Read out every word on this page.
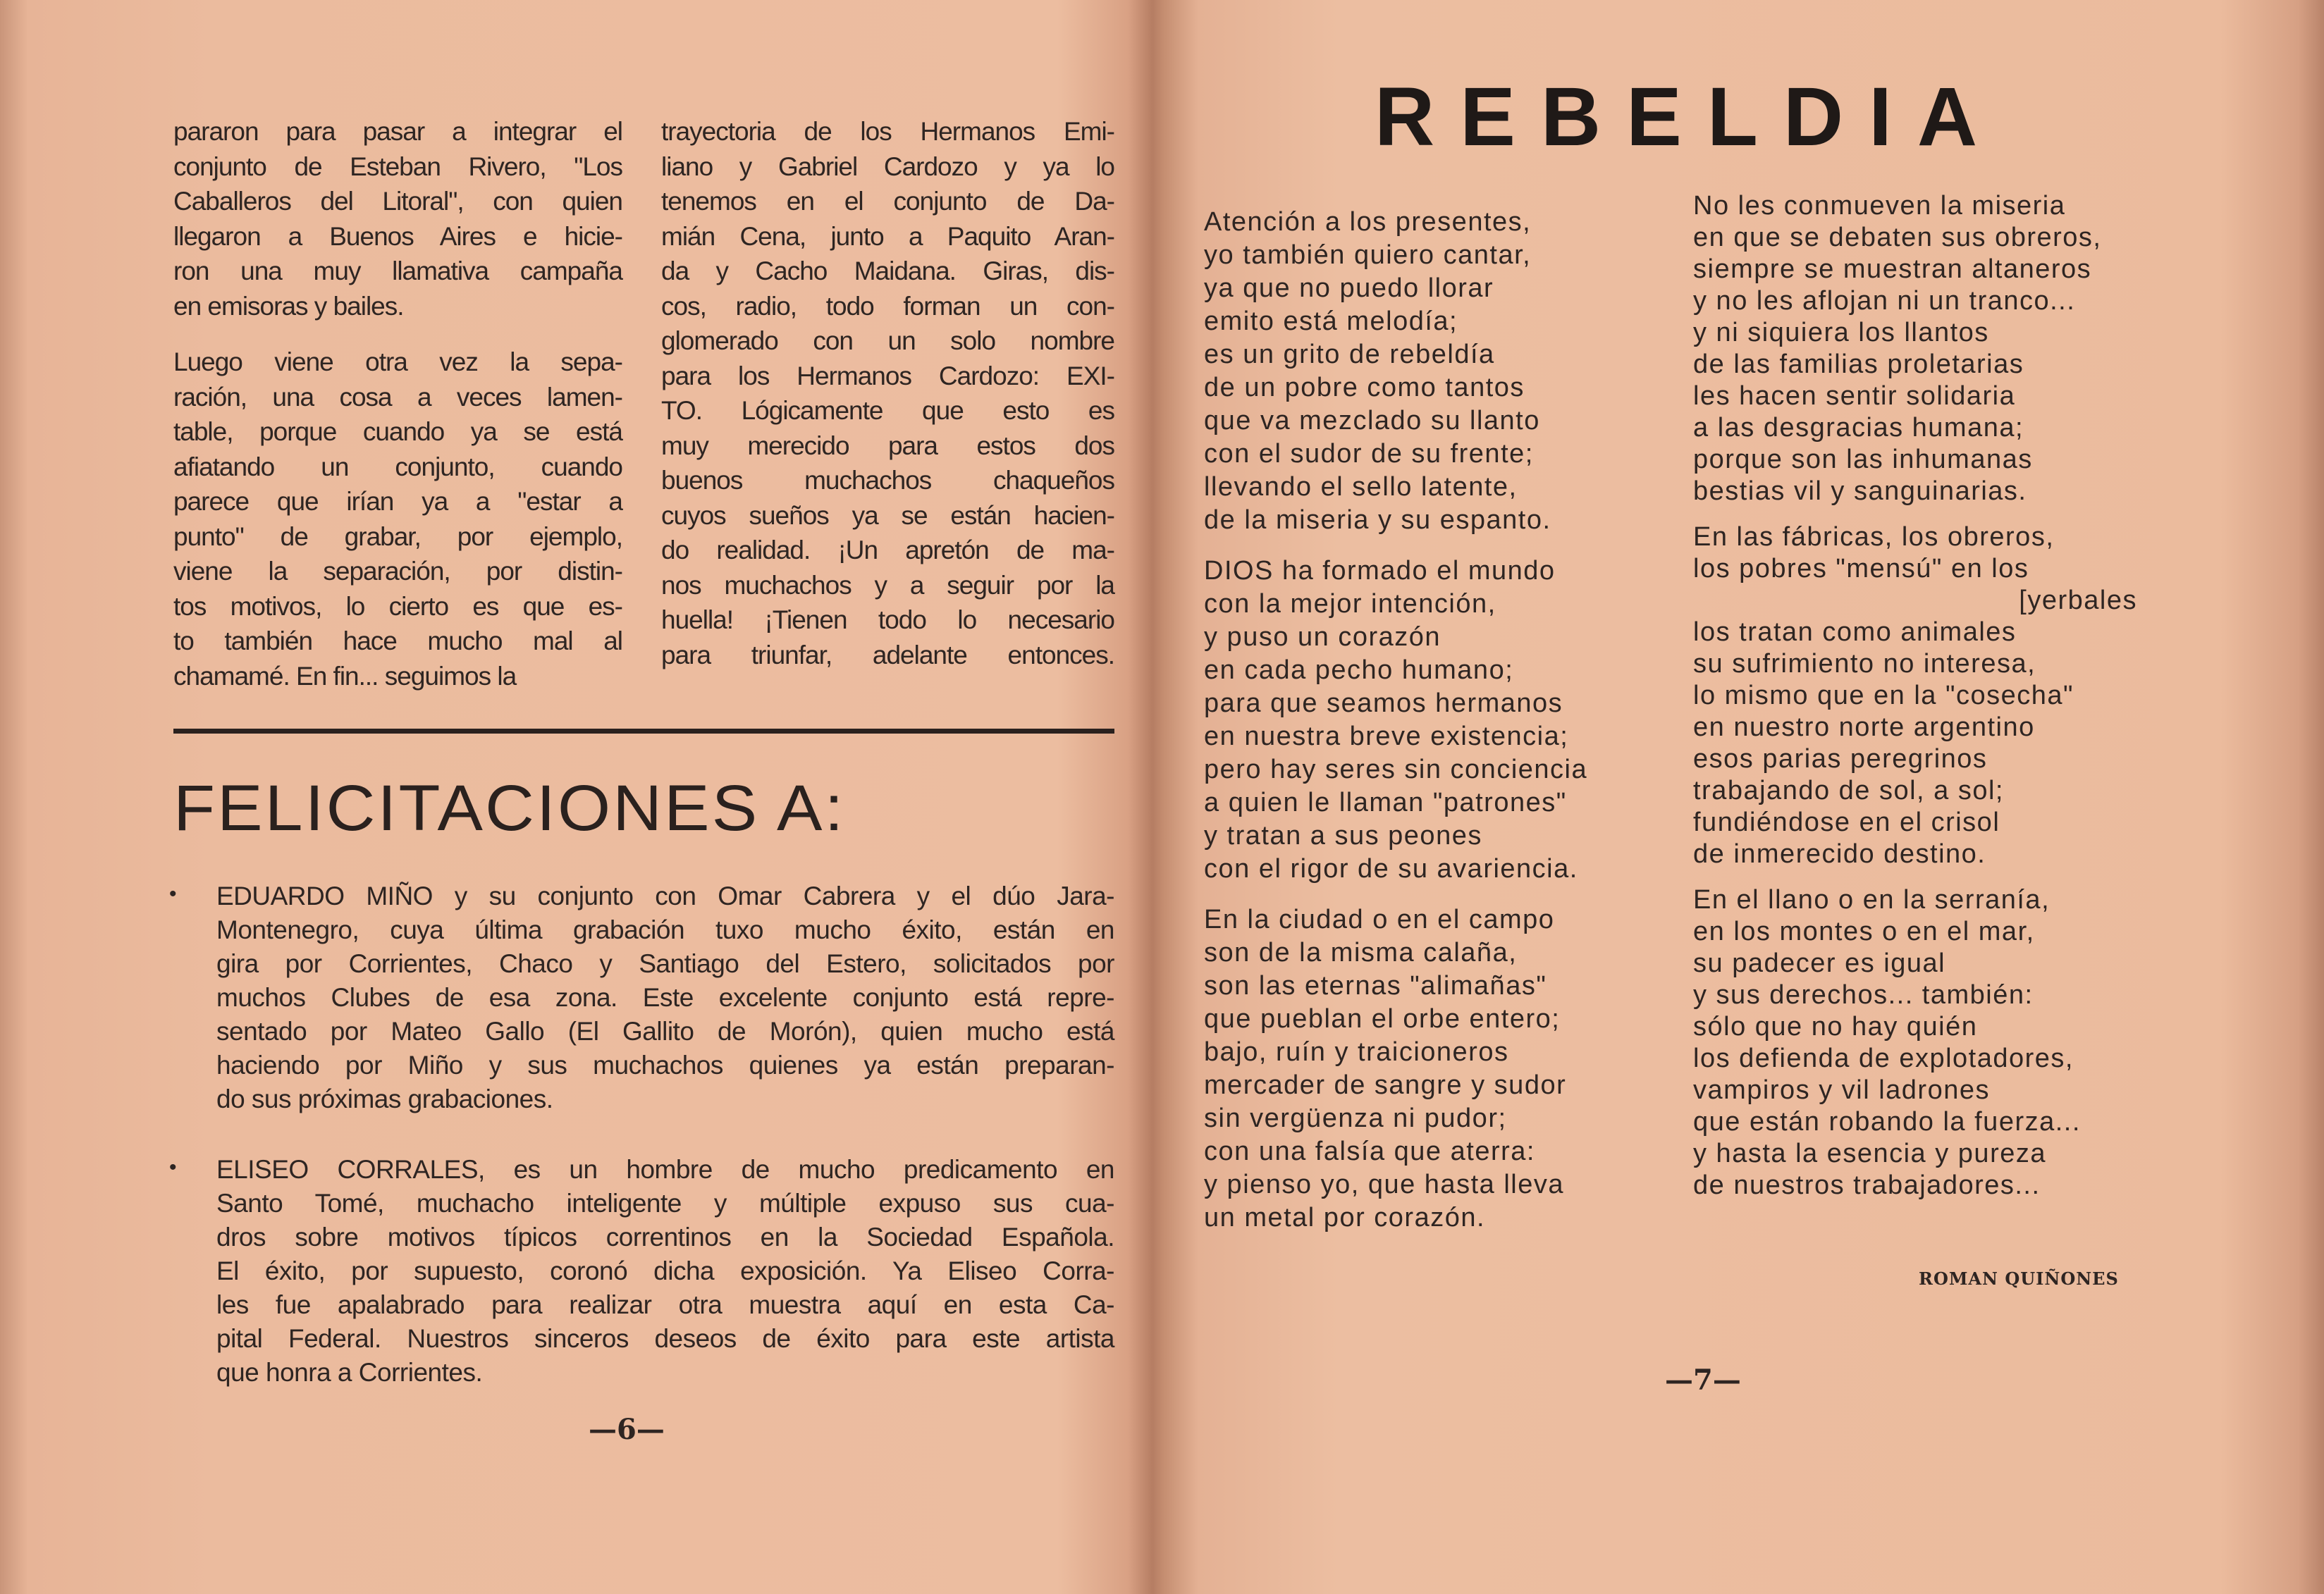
pararon para pasar a integrar el
conjunto de Esteban Rivero, "Los
Caballeros del Litoral", con quien
llegaron a Buenos Aires e hicie-
ron una muy llamativa campaña
en emisoras y bailes.
Luego viene otra vez la sepa-
ración, una cosa a veces lamen-
table, porque cuando ya se está
afiatando un conjunto, cuando
parece que irían ya a "estar a
punto" de grabar, por ejemplo,
viene la separación, por distin-
tos motivos, lo cierto es que es-
to también hace mucho mal al
chamamé. En fin... seguimos la
trayectoria de los Hermanos Emi-
liano y Gabriel Cardozo y ya lo
tenemos en el conjunto de Da-
mián Cena, junto a Paquito Aran-
da y Cacho Maidana. Giras, dis-
cos, radio, todo forman un con-
glomerado con un solo nombre
para los Hermanos Cardozo: EXI-
TO. Lógicamente que esto es
muy merecido para estos dos
buenos muchachos chaqueños
cuyos sueños ya se están hacien-
do realidad. ¡Un apretón de ma-
nos muchachos y a seguir por la
huella! ¡Tienen todo lo necesario
para triunfar, adelante entonces.
FELICITACIONES A:
• EDUARDO MIÑO y su conjunto con Omar Cabrera y el dúo Jara-
Montenegro, cuya última grabación tuxo mucho éxito, están en
gira por Corrientes, Chaco y Santiago del Estero, solicitados por
muchos Clubes de esa zona. Este excelente conjunto está repre-
sentado por Mateo Gallo (El Gallito de Morón), quien mucho está
haciendo por Miño y sus muchachos quienes ya están preparan-
do sus próximas grabaciones.
• ELISEO CORRALES, es un hombre de mucho predicamento en
Santo Tomé, muchacho inteligente y múltiple expuso sus cua-
dros sobre motivos típicos correntinos en la Sociedad Española.
El éxito, por supuesto, coronó dicha exposición. Ya Eliseo Corra-
les fue apalabrado para realizar otra muestra aquí en esta Ca-
pital Federal. Nuestros sinceros deseos de éxito para este artista
que honra a Corrientes.
—6—
REBELDIA
Atención a los presentes,
yo también quiero cantar,
ya que no puedo llorar
emito está melodía;
es un grito de rebeldía
de un pobre como tantos
que va mezclado su llanto
con el sudor de su frente;
llevando el sello latente,
de la miseria y su espanto.
DIOS ha formado el mundo
con la mejor intención,
y puso un corazón
en cada pecho humano;
para que seamos hermanos
en nuestra breve existencia;
pero hay seres sin conciencia
a quien le llaman "patrones"
y tratan a sus peones
con el rigor de su avariencia.
En la ciudad o en el campo
son de la misma calaña,
son las eternas "alimañas"
que pueblan el orbe entero;
bajo, ruín y traicioneros
mercader de sangre y sudor
sin vergüenza ni pudor;
con una falsía que aterra:
y pienso yo, que hasta lleva
un metal por corazón.
No les conmueven la miseria
en que se debaten sus obreros,
siempre se muestran altaneros
y no les aflojan ni un tranco...
y ni siquiera los llantos
de las familias proletarias
les hacen sentir solidaria
a las desgracias humana;
porque son las inhumanas
bestias vil y sanguinarias.
En las fábricas, los obreros,
los pobres "mensú" en los
[yerbales
los tratan como animales
su sufrimiento no interesa,
lo mismo que en la "cosecha"
en nuestro norte argentino
esos parias peregrinos
trabajando de sol, a sol;
fundiéndose en el crisol
de inmerecido destino.
En el llano o en la serranía,
en los montes o en el mar,
su padecer es igual
y sus derechos... también:
sólo que no hay quién
los defienda de explotadores,
vampiros y vil ladrones
que están robando la fuerza...
y hasta la esencia y pureza
de nuestros trabajadores...
ROMAN QUIÑONES
—7—
